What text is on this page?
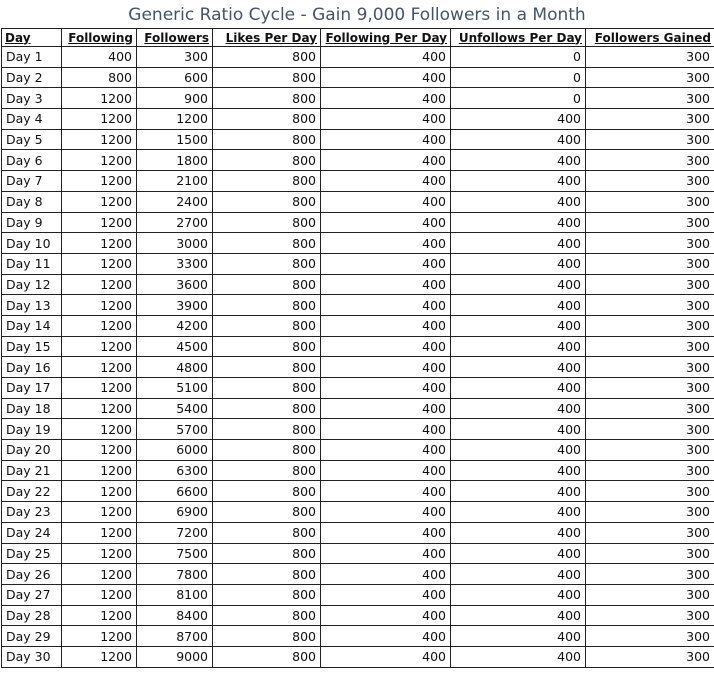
Generic Ratio Cycle - Gain 9,000 Followers in a Month
Day	Following	Followers	Likes Per Day	Following Per Day	Unfollows Per Day	Followers Gained
Day 1	400	300	800	400	0	300
Day 2	800	600	800	400	0	300
Day 3	1200	900	800	400	0	300
Day 4	1200	1200	800	400	400	300
Day 5	1200	1500	800	400	400	300
Day 6	1200	1800	800	400	400	300
Day 7	1200	2100	800	400	400	300
Day 8	1200	2400	800	400	400	300
Day 9	1200	2700	800	400	400	300
Day 10	1200	3000	800	400	400	300
Day 11	1200	3300	800	400	400	300
Day 12	1200	3600	800	400	400	300
Day 13	1200	3900	800	400	400	300
Day 14	1200	4200	800	400	400	300
Day 15	1200	4500	800	400	400	300
Day 16	1200	4800	800	400	400	300
Day 17	1200	5100	800	400	400	300
Day 18	1200	5400	800	400	400	300
Day 19	1200	5700	800	400	400	300
Day 20	1200	6000	800	400	400	300
Day 21	1200	6300	800	400	400	300
Day 22	1200	6600	800	400	400	300
Day 23	1200	6900	800	400	400	300
Day 24	1200	7200	800	400	400	300
Day 25	1200	7500	800	400	400	300
Day 26	1200	7800	800	400	400	300
Day 27	1200	8100	800	400	400	300
Day 28	1200	8400	800	400	400	300
Day 29	1200	8700	800	400	400	300
Day 30	1200	9000	800	400	400	300
